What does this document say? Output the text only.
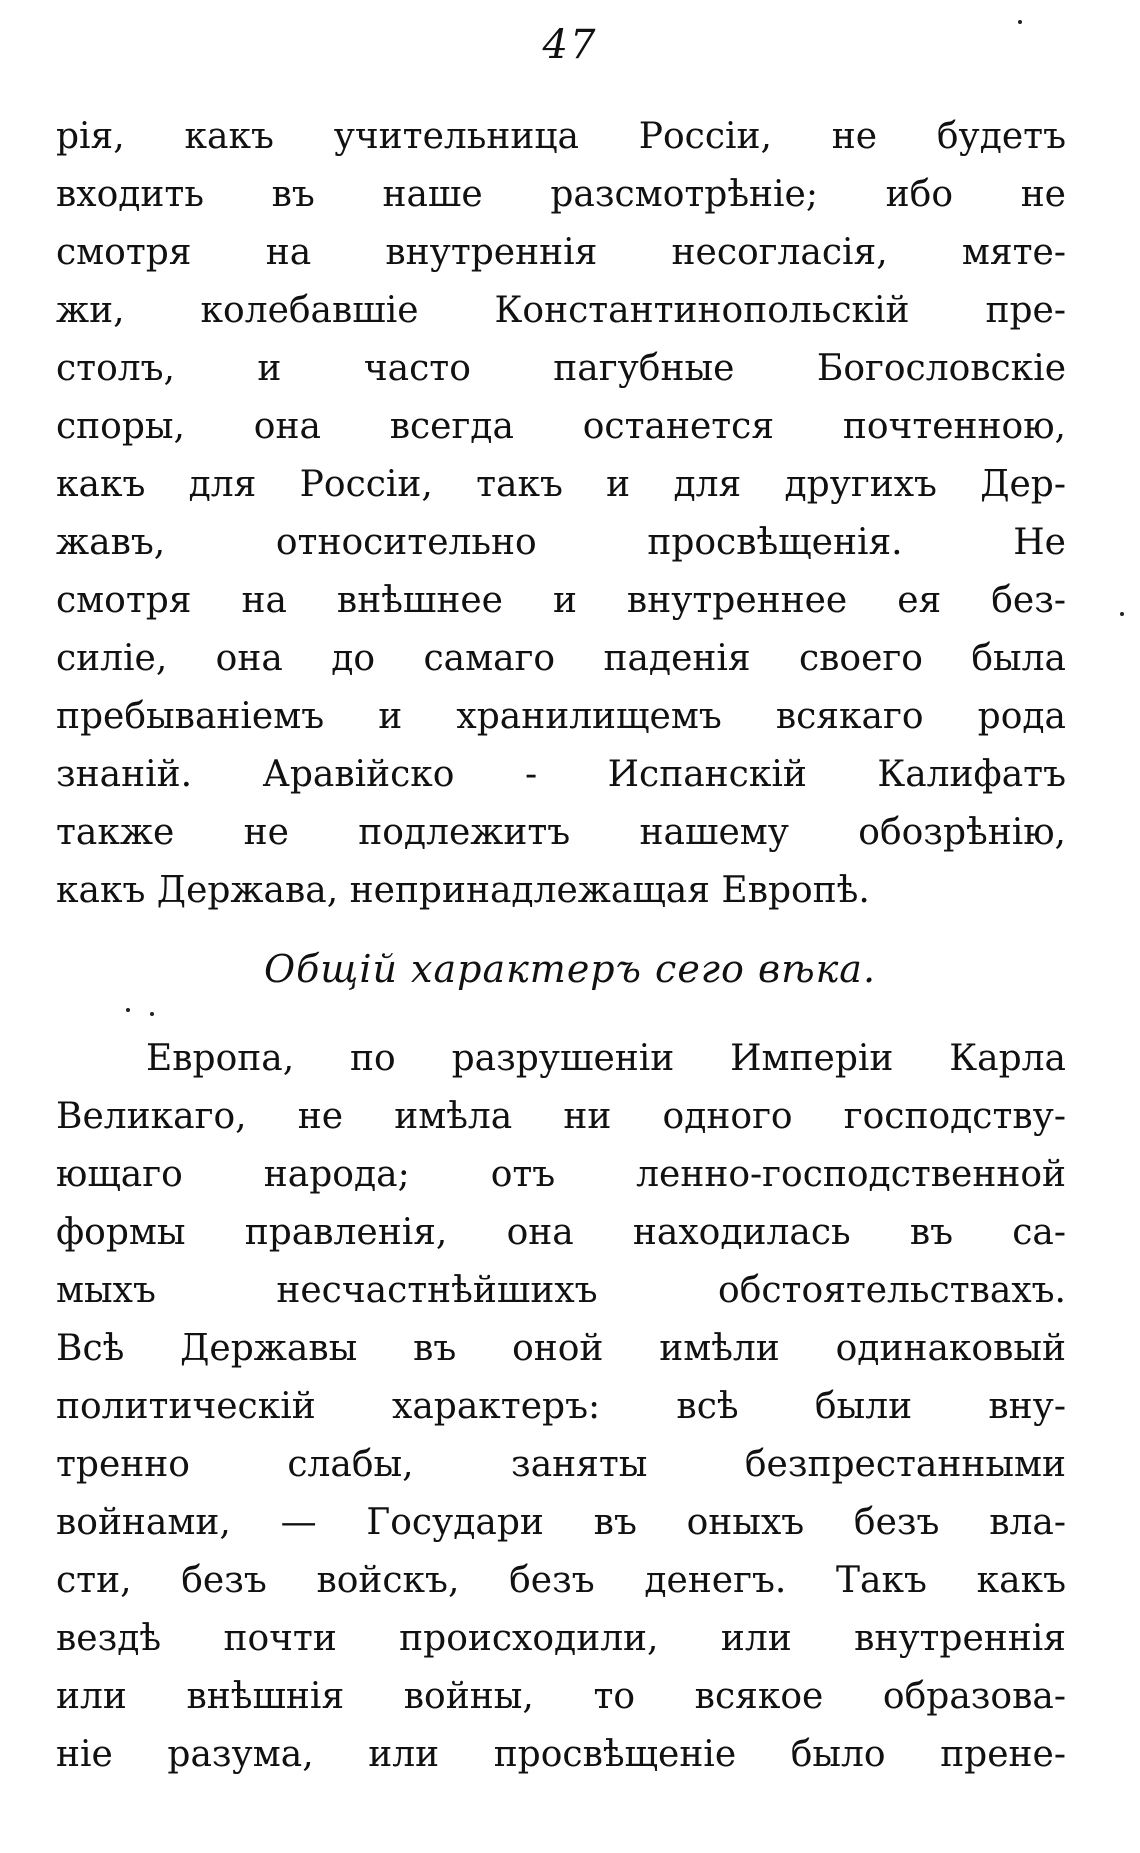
47
рія, какъ учительница Россіи, не будетъ
входить въ наше разсмотрѣніе; ибо не
смотря на внутреннія несогласія, мяте-
жи, колебавшіе Константинопольскій пре-
столъ, и часто пагубные Богословскіе
споры, она всегда останется почтенною,
какъ для Россіи, такъ и для другихъ Дер-
жавъ, относительно просвѣщенія. Не
смотря на внѣшнее и внутреннее ея без-
силіе, она до самаго паденія своего была
пребываніемъ и хранилищемъ всякаго рода
знаній. Аравійско - Испанскій Калифатъ
также не подлежитъ нашему обозрѣнію,
какъ Держава, непринадлежащая Европѣ.
Общій характеръ сего вѣка.
Европа, по разрушеніи Имперіи Карла
Великаго, не имѣла ни одного господству-
ющаго народа; отъ ленно-господственной
формы правленія, она находилась въ са-
мыхъ несчастнѣйшихъ обстоятельствахъ.
Всѣ Державы въ оной имѣли одинаковый
политическій характеръ: всѣ были вну-
тренно слабы, заняты безпрестанными
войнами, — Государи въ оныхъ безъ вла-
сти, безъ войскъ, безъ денегъ. Такъ какъ
вездѣ почти происходили, или внутреннія
или внѣшнія войны, то всякое образова-
ніе разума, или просвѣщеніе было прене-
